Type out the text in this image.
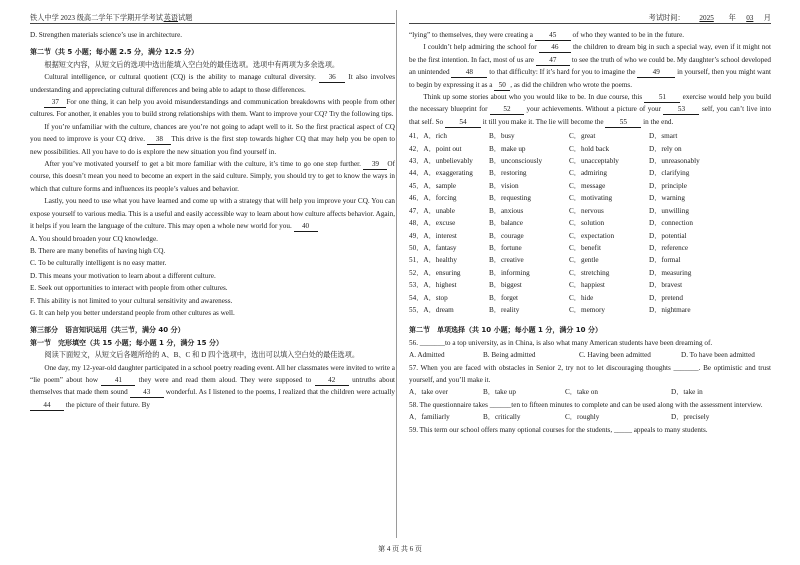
铁人中学 2023 级高二学年下学期开学考试 英语试题

D. Strengthen materials science’s use in architecture.

第二节（共 5 小题；每小题 2.5 分，满分 12.5 分）

根据短文内容，从短文后的选项中选出能填入空白处的最佳选项。选项中有两项为多余选项。

Cultural intelligence, or cultural quotient (CQ) is the ability to manage cultural diversity. 36 It also involves understanding and appreciating cultural differences and being able to adapt to those differences.

37 For one thing, it can help you avoid misunderstandings and communication breakdowns with people from other cultures. For another, it enables you to build strong relationships with them. Want to improve your CQ? Try the following tips.

If you’re unfamiliar with the culture, chances are you’re not going to adapt well to it. So the first practical aspect of CQ you need to improve is your CQ drive. 38 This drive is the first step towards higher CQ that may help you be open to new possibilities. All you have to do is explore the new situation you find yourself in.

After you’ve motivated yourself to get a bit more familiar with the culture, it’s time to go one step further. 39 Of course, this doesn’t mean you need to become an expert in the said culture. Simply, you should try to get to know the ways in which that culture forms and influences its people’s values and behavior.

Lastly, you need to use what you have learned and come up with a strategy that will help you improve your CQ. You can expose yourself to various media. This is a useful and easily accessible way to learn about how culture affects behavior. Again, it helps if you learn the language of the culture. This may open a whole new world for you. 40

A. You should broaden your CQ knowledge.
B. There are many benefits of having high CQ.
C. To be culturally intelligent is no easy matter.
D. This means your motivation to learn about a different culture.
E. Seek out opportunities to interact with people from other cultures.
F. This ability is not limited to your cultural sensitivity and awareness.
G. It can help you better understand people from other cultures as well.
第三部分　语言知识运用（共三节，满分 40 分）
第一节　完形填空（共 15 小题；每小题 1 分，满分 15 分）

阅读下面短文，从短文后各题所给的 A、B、C 和 D 四个选项中，选出可以填入空白处的最佳选项。

One day, my 12-year-old daughter participated in a school poetry reading event. All her classmates were invited to write a “lie poem” about how 41 they were and read them aloud. They were supposed to 42 untruths about themselves that made them sound 43 wonderful. As I listened to the poems, I realized that the children were actually 44 the picture of their future. By

考试时间： 2025 年 03 月

“lying” to themselves, they were creating a 45 of who they wanted to be in the future.

I couldn’t help admiring the school for 46 the children to dream big in such a special way, even if it might not be the first intention. In fact, most of us are 47 to see the truth of who we could be. My daughter’s school developed an unintended 48 to that difficulty: If it’s hard for you to imagine the 49 in yourself, then you might want to begin by expressing it as a 50 , as did the children who wrote the poems.

Think up some stories about who you would like to be. In due course, this 51 exercise would help you build the necessary blueprint for 52 your achievements. Without a picture of your 53 self, you can’t live into that self. So 54 it till you make it. The lie will become the 55 in the end.

41．A．rich	B．busy	C．great	D．smart
42．A．point out	B．make up	C．hold back	D．rely on
43．A．unbelievably	B．unconsciously	C．unacceptably	D．unreasonably
44．A．exaggerating	B．restoring	C．admiring	D．clarifying
45．A．sample	B．vision	C．message	D．principle
46．A．forcing	B．requesting	C．motivating	D．warning
47．A．unable	B．anxious	C．nervous	D．unwilling
48．A．excuse	B．balance	C．solution	D．connection
49．A．interest	B．courage	C．expectation	D．potential
50．A．fantasy	B．fortune	C．benefit	D．reference
51．A．healthy	B．creative	C．gentle	D．formal
52．A．ensuring	B．informing	C．stretching	D．measuring
53．A．highest	B．biggest	C．happiest	D．bravest
54．A．stop	B．forget	C．hide	D．pretend
55．A．dream	B．reality	C．memory	D．nightmare
第二节　单项选择（共 10 小题；每小题 1 分，满分 10 分）

56. _______to a top university, as in China, is also what many American students have been dreaming of.

A. Admitted	B. Being admitted	C. Having been admitted	D. To have been admitted

57. When you are faced with obstacles in Senior 2, try not to let discouraging thoughts _______. Be optimistic and trust yourself, and you’ll make it.

A．take over	B．take up	C．take on	D．take in

58. The questionnaire takes ______ten to fifteen minutes to complete and can be used along with the assessment interview.

A．familiarly	B．critically	C．roughly	D．precisely

59. This term our school offers many optional courses for the students, _____ appeals to many students.

第 4 页 共 6 页
